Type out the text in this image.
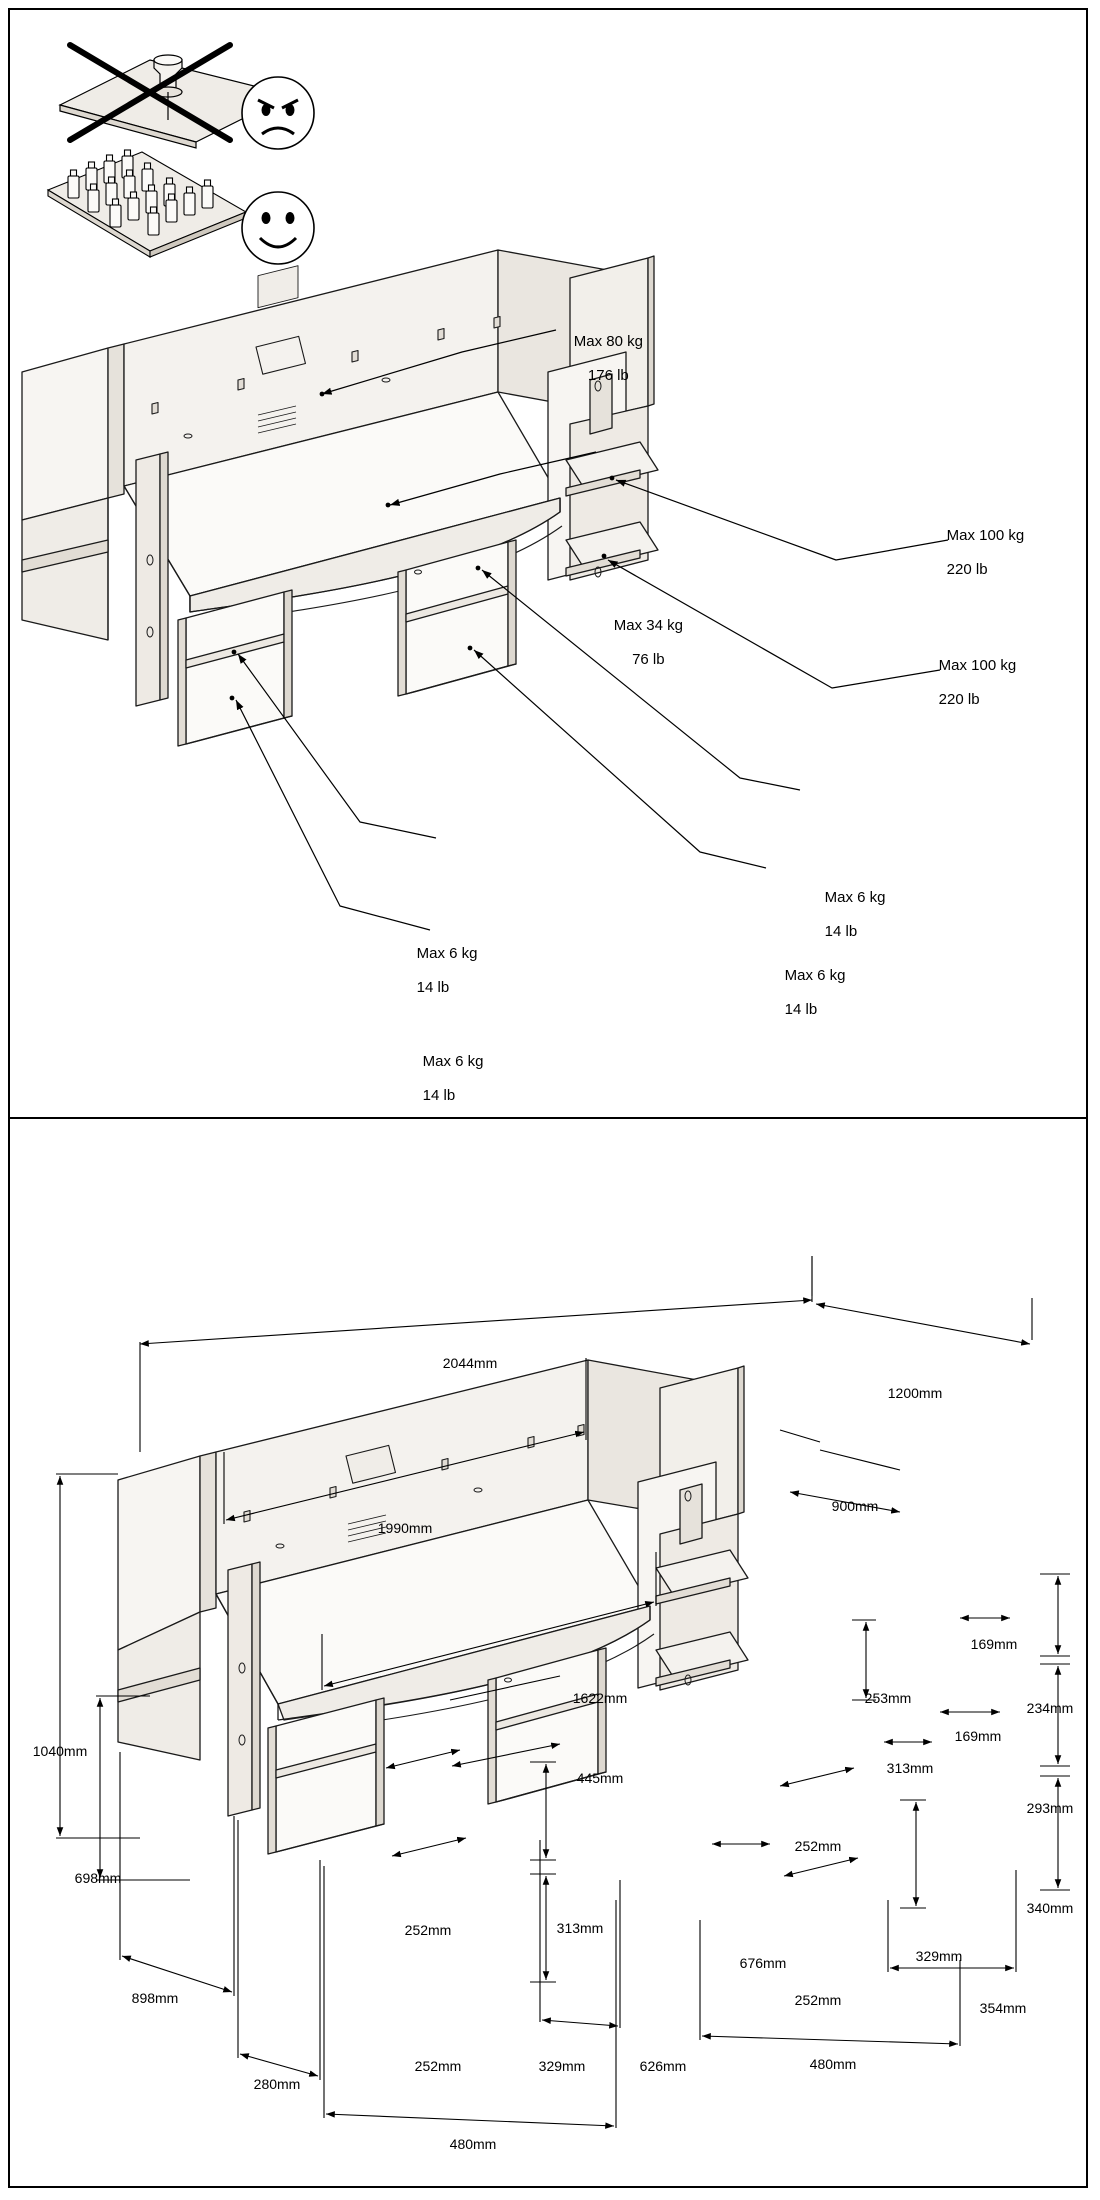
Max 80 kg

176 lb

Max 34 kg

76 lb

Max 100 kg

220 lb

Max 100 kg

220 lb

Max 6 kg

14 lb

Max 6 kg

14 lb

Max 6 kg

14 lb

Max 6 kg

14 lb

2044mm
1200mm
1990mm
900mm
1622mm
445mm
1040mm
698mm
898mm
280mm
252mm	313mm
252mm	329mm
480mm
626mm
676mm
252mm
252mm
480mm
329mm
354mm
169mm
169mm
313mm
253mm
234mm
293mm
340mm
